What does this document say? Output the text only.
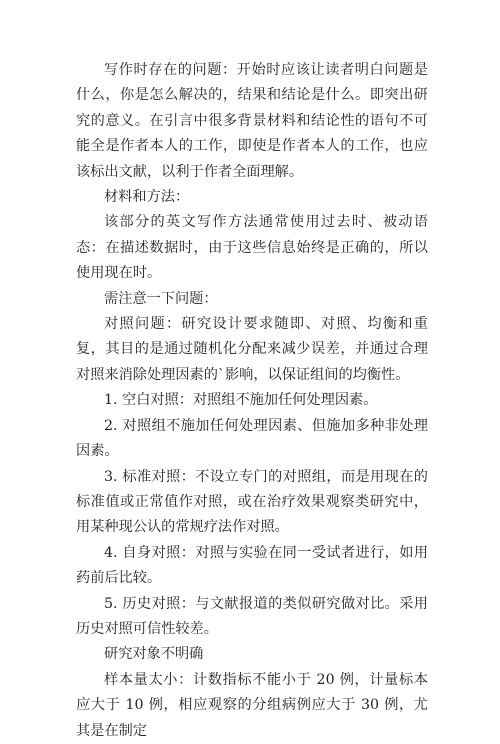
写作时存在的问题：开始时应该让读者明白问题是什么，你是怎么解决的，结果和结论是什么。即突出研究的意义。在引言中很多背景材料和结论性的语句不可能全是作者本人的工作，即使是作者本人的工作，也应该标出文献，以利于作者全面理解。

材料和方法：

该部分的英文写作方法通常使用过去时、被动语态：在描述数据时，由于这些信息始终是正确的，所以使用现在时。

需注意一下问题：

对照问题：研究设计要求随即、对照、均衡和重复，其目的是通过随机化分配来减少误差，并通过合理对照来消除处理因素的`影响，以保证组间的均衡性。

1. 空白对照：对照组不施加任何处理因素。

2. 对照组不施加任何处理因素、但施加多种非处理因素。

3. 标准对照：不设立专门的对照组，而是用现在的标准值或正常值作对照，或在治疗效果观察类研究中，用某种现公认的常规疗法作对照。

4. 自身对照：对照与实验在同一受试者进行，如用药前后比较。

5. 历史对照：与文献报道的类似研究做对比。采用历史对照可信性较差。

研究对象不明确

样本量太小：计数指标不能小于 20 例，计量标本应大于 10 例，相应观察的分组病例应大于 30 例，尤其是在制定
